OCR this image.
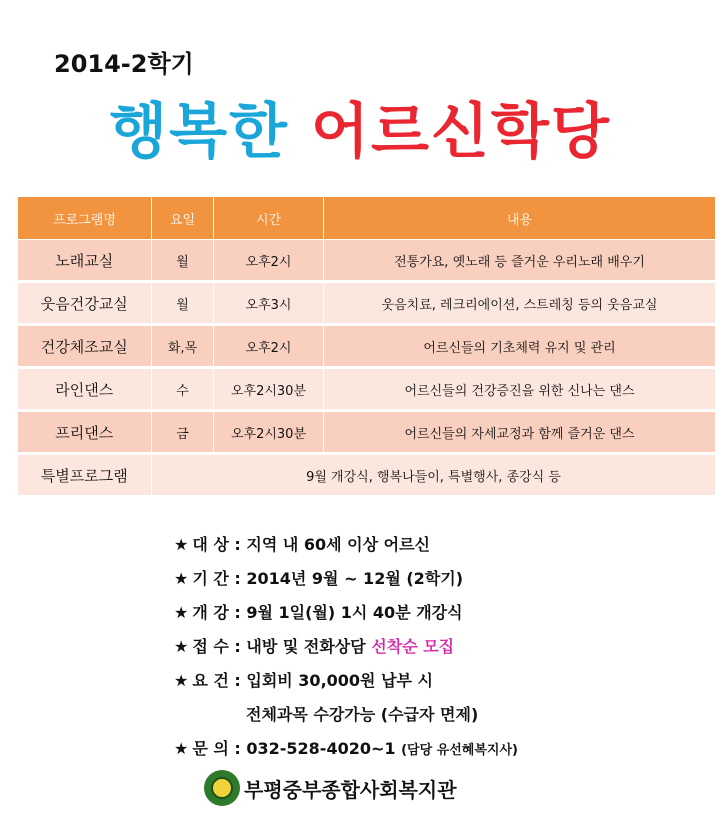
2014-2학기
행복한 어르신학당
프로그램명	요일	시간	내용
노래교실	월	오후2시	전통가요, 옛노래 등 즐거운 우리노래 배우기
웃음건강교실	월	오후3시	웃음치료, 레크리에이션, 스트레칭 등의 웃음교실
건강체조교실	화,목	오후2시	어르신들의 기초체력 유지 및 관리
라인댄스	수	오후2시30분	어르신들의 건강증진을 위한 신나는 댄스
프리댄스	금	오후2시30분	어르신들의 자세교정과 함께 즐거운 댄스
특별프로그램	9월 개강식, 행복나들이, 특별행사, 종강식 등		
★ 대 상 : 지역 내 60세 이상 어르신
★ 기 간 : 2014년 9월 ~ 12월 (2학기)
★ 개 강 : 9월 1일(월) 1시 40분 개강식
★ 접 수 : 내방 및 전화상담 선착순 모집
★ 요 건 : 입회비 30,000원 납부 시
전체과목 수강가능 (수급자 면제)
★ 문 의 : 032-528-4020~1 (담당 유선혜복지사)
부평중부종합사회복지관
